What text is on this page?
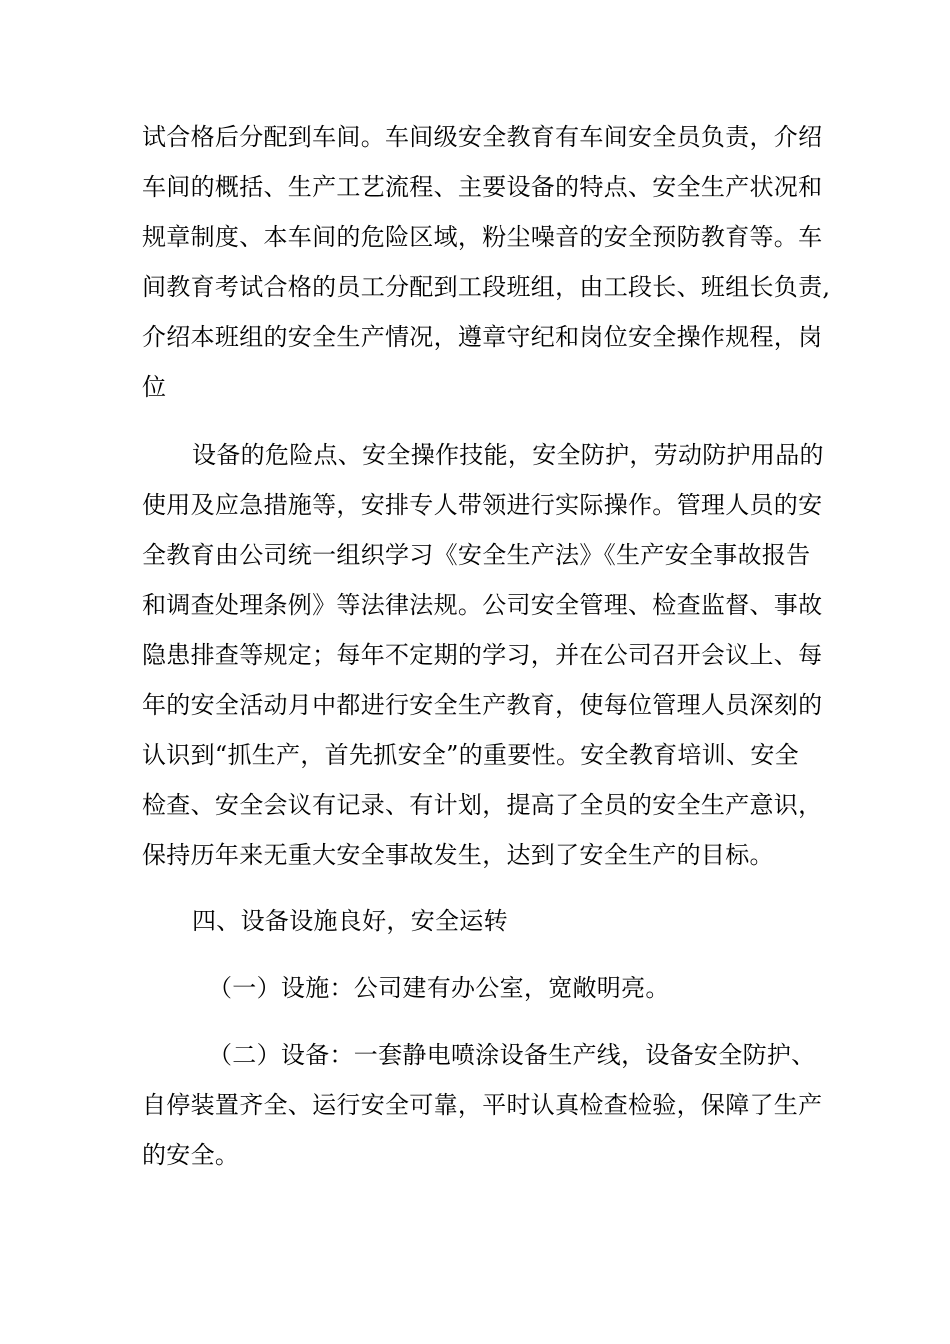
试合格后分配到车间。车间级安全教育有车间安全员负责，介绍
车间的概括、生产工艺流程、主要设备的特点、安全生产状况和
规章制度、本车间的危险区域，粉尘噪音的安全预防教育等。车
间教育考试合格的员工分配到工段班组，由工段长、班组长负责,
介绍本班组的安全生产情况，遵章守纪和岗位安全操作规程，岗
位
设备的危险点、安全操作技能，安全防护，劳动防护用品的
使用及应急措施等，安排专人带领进行实际操作。管理人员的安
全教育由公司统一组织学习《安全生产法》《生产安全事故报告
和调查处理条例》等法律法规。公司安全管理、检查监督、事故
隐患排查等规定；每年不定期的学习，并在公司召开会议上、每
年的安全活动月中都进行安全生产教育，使每位管理人员深刻的
认识到“抓生产，首先抓安全”的重要性。安全教育培训、安全
检查、安全会议有记录、有计划，提高了全员的安全生产意识，
保持历年来无重大安全事故发生，达到了安全生产的目标。
四、设备设施良好，安全运转
（一）设施：公司建有办公室，宽敞明亮。
（二）设备：一套静电喷涂设备生产线，设备安全防护、
自停装置齐全、运行安全可靠，平时认真检查检验，保障了生产
的安全。
